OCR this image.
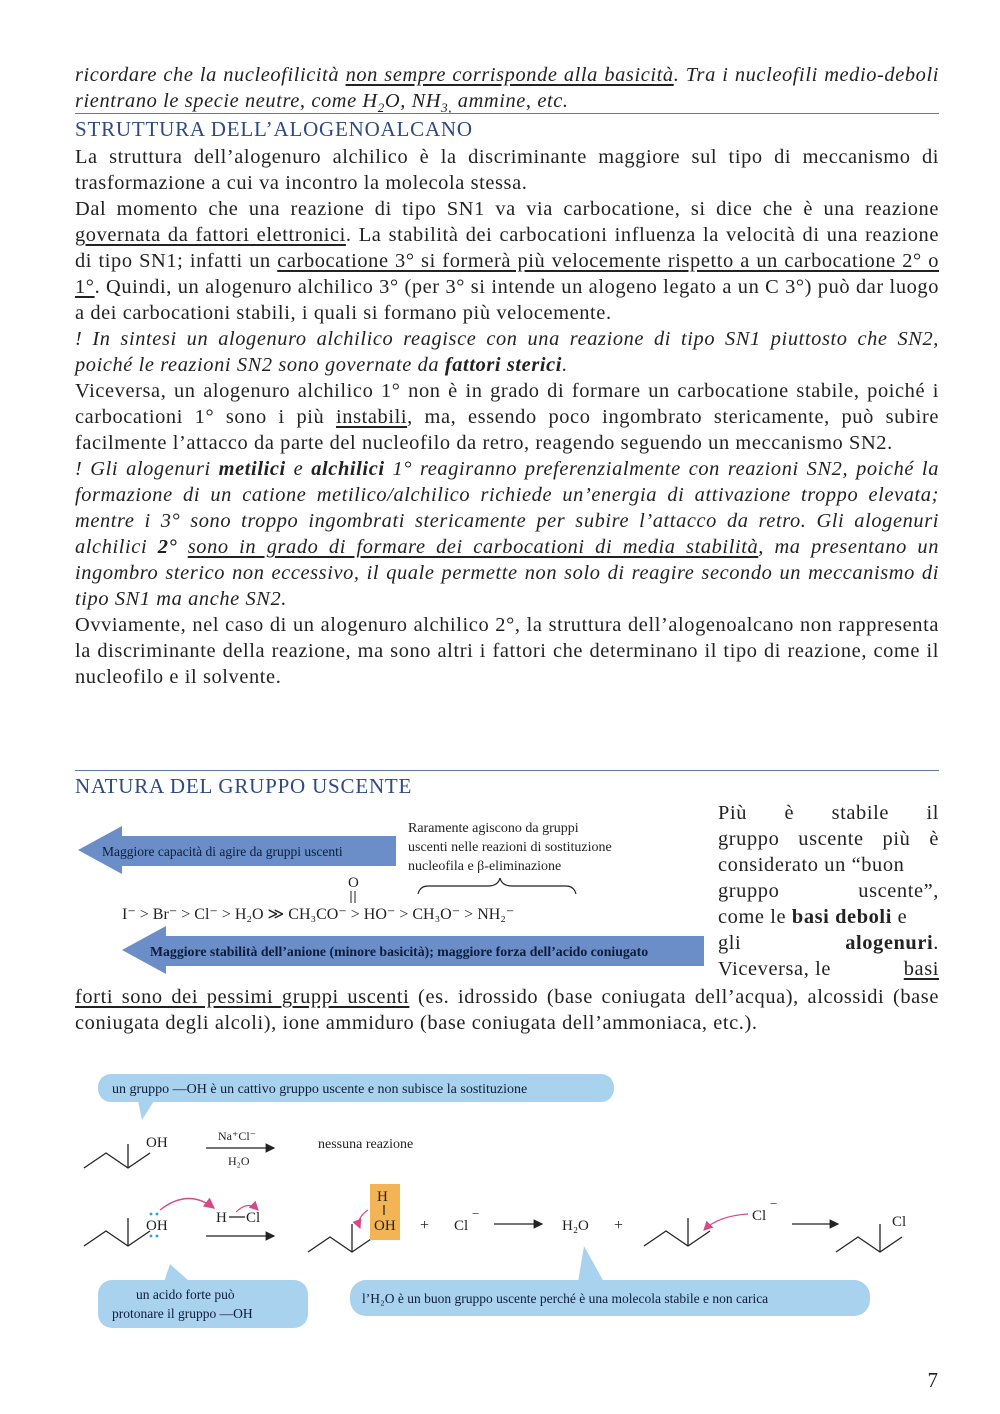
ricordare che la nucleofilicità non sempre corrisponde alla basicità. Tra i nucleofili medio-deboli rientrano le specie neutre, come $H_2O$, $NH_{3,}$ ammine, etc.

STRUTTURA DELL’ALOGENOALCANO

La struttura dell’alogenuro alchilico è la discriminante maggiore sul tipo di meccanismo di trasformazione a cui va incontro la molecola stessa.

Dal momento che una reazione di tipo SN1 va via carbocatione, si dice che è una reazione governata da fattori elettronici. La stabilità dei carbocationi influenza la velocità di una reazione di tipo SN1; infatti un carbocatione 3° si formerà più velocemente rispetto a un carbocatione 2° o 1°. Quindi, un alogenuro alchilico 3° (per 3° si intende un alogeno legato a un C 3°) può dar luogo a dei carbocationi stabili, i quali si formano più velocemente.

! In sintesi un alogenuro alchilico reagisce con una reazione di tipo SN1 piuttosto che SN2, poiché le reazioni SN2 sono governate da fattori sterici.

Viceversa, un alogenuro alchilico 1° non è in grado di formare un carbocatione stabile, poiché i carbocationi 1° sono i più instabili, ma, essendo poco ingombrato stericamente, può subire facilmente l’attacco da parte del nucleofilo da retro, reagendo seguendo un meccanismo SN2.

! Gli alogenuri metilici e alchilici 1° reagiranno preferenzialmente con reazioni SN2, poiché la formazione di un catione metilico/alchilico richiede un’energia di attivazione troppo elevata; mentre i 3° sono troppo ingombrati stericamente per subire l’attacco da retro. Gli alogenuri alchilici 2° sono in grado di formare dei carbocationi di media stabilità, ma presentano un ingombro sterico non eccessivo, il quale permette non solo di reagire secondo un meccanismo di tipo SN1 ma anche SN2.

Ovviamente, nel caso di un alogenuro alchilico 2°, la struttura dell’alogenoalcano non rappresenta la discriminante della reazione, ma sono altri i fattori che determinano il tipo di reazione, come il nucleofilo e il solvente.

NATURA DEL GRUPPO USCENTE
Maggiore capacità di agire da gruppi uscenti
Raramente agiscono da gruppi
uscenti nelle reazioni di sostituzione
nucleofila e β-eliminazione
O
I⁻ > Br⁻ > Cl⁻ > H₂O ≫ CH₃CO⁻ > HO⁻ > CH₃O⁻ > NH₂⁻
Maggiore stabilità dell’anione (minore basicità); maggiore forza dell’acido coniugato
Più è stabile il
gruppo uscente più è
considerato un “buon
gruppo uscente”,
come le basi deboli e
gli	alogenuri.
Viceversa, le	basi

forti sono dei pessimi gruppi uscenti (es. idrossido (base coniugata dell’acqua), alcossidi (base coniugata degli alcoli), ione ammiduro (base coniugata dell’ammoniaca, etc.).

un gruppo —OH è un cattivo gruppo uscente e non subisce la sostituzione
OH	Na⁺Cl⁻
H₂O
nessuna reazione
OH	H Cl
H
OH + Cl
−
H₂O +
Cl
−
Cl
un acido forte può
protonare il gruppo —OH
l’H₂O è un buon gruppo uscente perché è una molecola stabile e non carica
7
